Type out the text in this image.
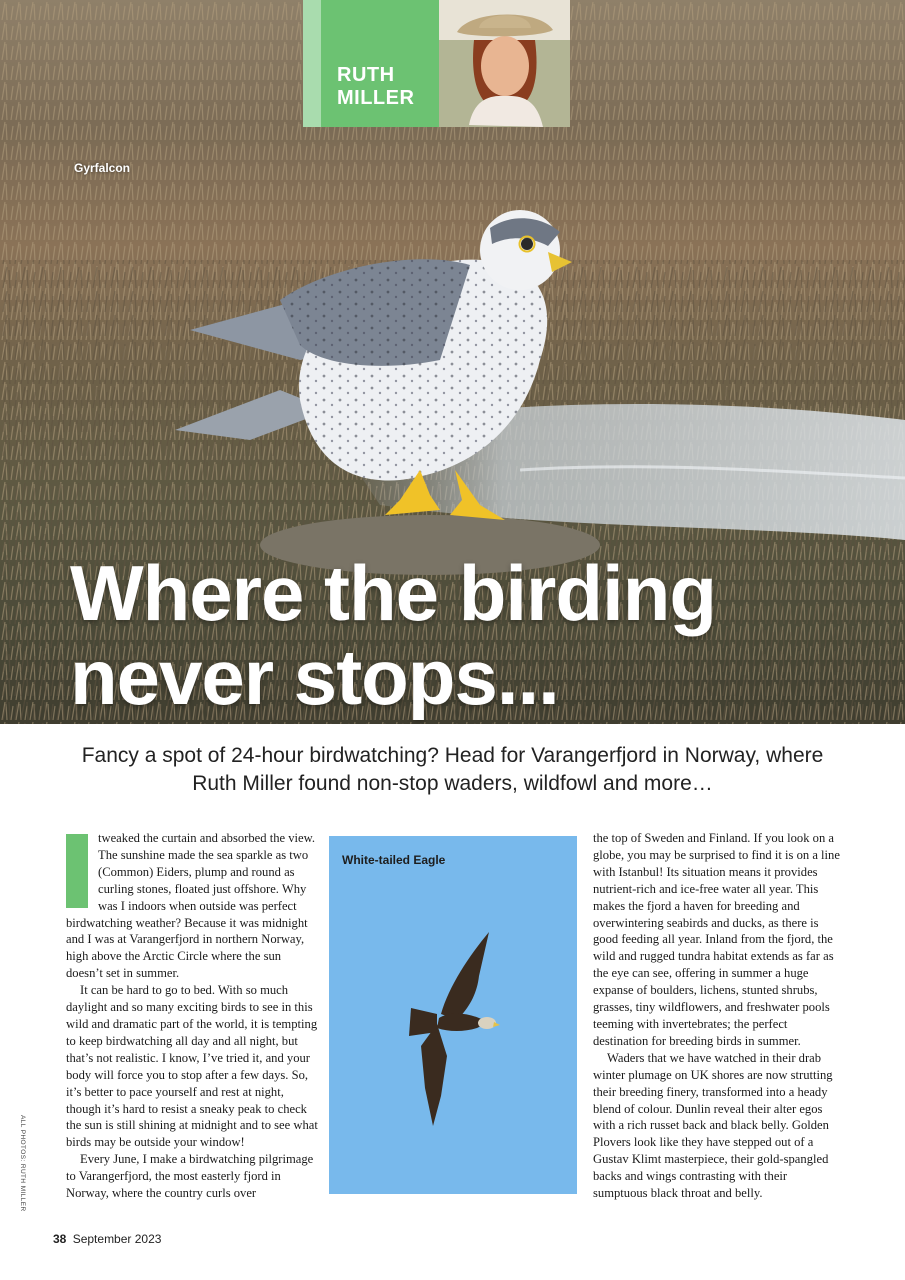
RUTH
MILLER
Gyrfalcon
Where the birding
never stops...

Fancy a spot of 24-hour birdwatching? Head for Varangerfjord in Norway, where
Ruth Miller found non-stop waders, wildfowl and more…

tweaked the curtain and absorbed the view. The sunshine made the sea sparkle as two (Common) Eiders, plump and round as curling stones, floated just offshore. Why was I indoors when outside was perfect birdwatching weather? Because it was midnight and I was at Varangerfjord in northern Norway, high above the Arctic Circle where the sun doesn’t set in summer.

It can be hard to go to bed. With so much daylight and so many exciting birds to see in this wild and dramatic part of the world, it is tempting to keep birdwatching all day and all night, but that’s not realistic. I know, I’ve tried it, and your body will force you to stop after a few days. So, it’s better to pace yourself and rest at night, though it’s hard to resist a sneaky peak to check the sun is still shining at midnight and to see what birds may be outside your window!

Every June, I make a birdwatching pilgrimage to Varangerfjord, the most easterly fjord in Norway, where the country curls over

White-tailed Eagle

the top of Sweden and Finland. If you look on a globe, you may be surprised to find it is on a line with Istanbul! Its situation means it provides nutrient-rich and ice-free water all year. This makes the fjord a haven for breeding and overwintering seabirds and ducks, as there is good feeding all year. Inland from the fjord, the wild and rugged tundra habitat extends as far as the eye can see, offering in summer a huge expanse of boulders, lichens, stunted shrubs, grasses, tiny wildflowers, and freshwater pools teeming with invertebrates; the perfect destination for breeding birds in summer.

Waders that we have watched in their drab winter plumage on UK shores are now strutting their breeding finery, transformed into a heady blend of colour. Dunlin reveal their alter egos with a rich russet back and black belly. Golden Plovers look like they have stepped out of a Gustav Klimt masterpiece, their gold-spangled backs and wings contrasting with their sumptuous black throat and belly.

ALL PHOTOS: RUTH MILLER
38 September 2023
